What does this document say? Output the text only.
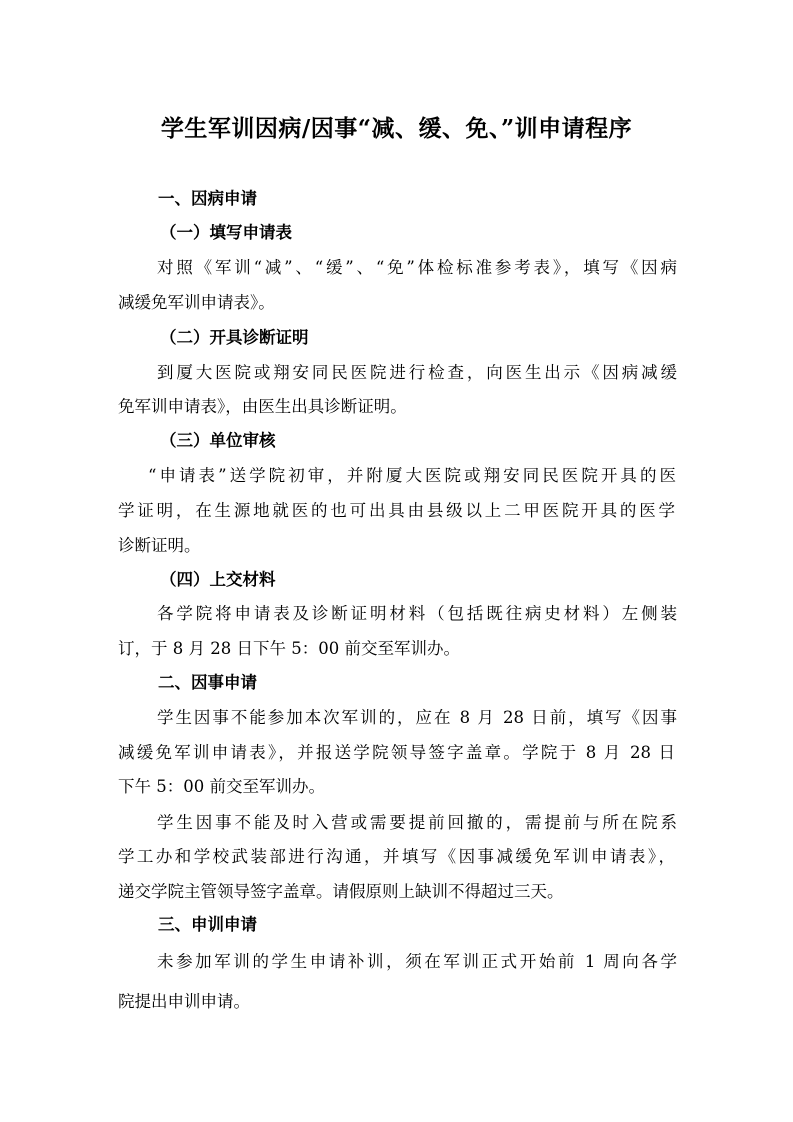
学生军训因病/因事“减、缓、免、”训申请程序
一、因病申请
（一）填写申请表
对照《军训“减”、“缓”、“免”体检标准参考表》，填写《因病
减缓免军训申请表》。
（二）开具诊断证明
到厦大医院或翔安同民医院进行检查，向医生出示《因病减缓
免军训申请表》，由医生出具诊断证明。
（三）单位审核
“申请表”送学院初审，并附厦大医院或翔安同民医院开具的医
学证明，在生源地就医的也可出具由县级以上二甲医院开具的医学
诊断证明。
（四）上交材料
各学院将申请表及诊断证明材料（包括既往病史材料）左侧装
订，于 8 月 28 日下午 5：00 前交至军训办。
二、因事申请
学生因事不能参加本次军训的，应在 8 月 28 日前，填写《因事
减缓免军训申请表》，并报送学院领导签字盖章。学院于 8 月 28 日
下午 5：00 前交至军训办。
学生因事不能及时入营或需要提前回撤的，需提前与所在院系
学工办和学校武装部进行沟通，并填写《因事减缓免军训申请表》，
递交学院主管领导签字盖章。请假原则上缺训不得超过三天。
三、申训申请
未参加军训的学生申请补训，须在军训正式开始前 1 周向各学
院提出申训申请。
